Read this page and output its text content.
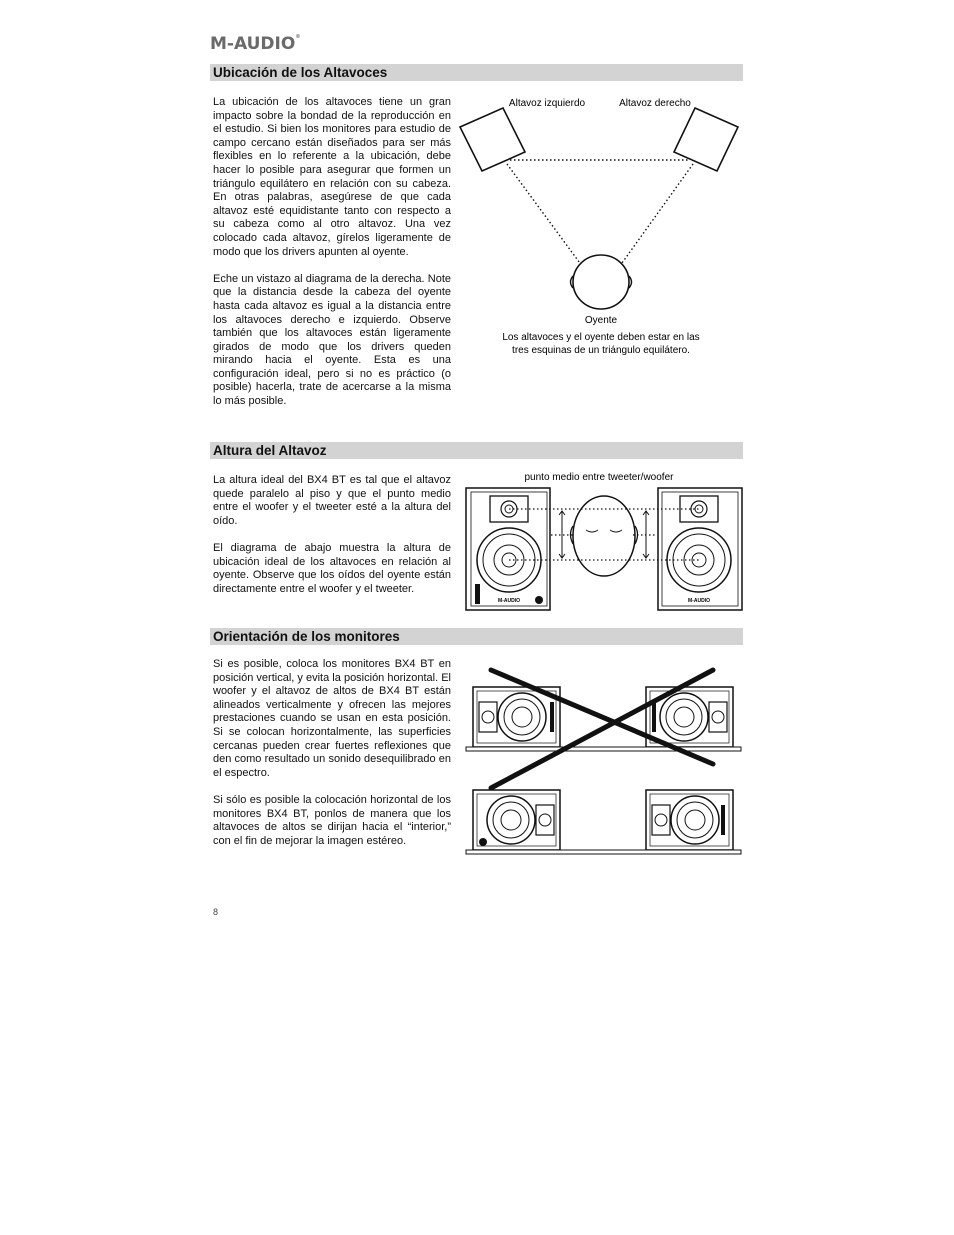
M-AUDIO®
Ubicación de los Altavoces

La ubicación de los altavoces tiene un gran impacto sobre la bondad de la reproducción en el estudio. Si bien los monitores para estudio de campo cercano están diseñados para ser más flexibles en lo referente a la ubicación, debe hacer lo posible para asegurar que formen un triángulo equilátero en relación con su cabeza. En otras palabras, asegúrese de que cada altavoz esté equidistante tanto con respecto a su cabeza como al otro altavoz. Una vez colocado cada altavoz, gírelos ligeramente de modo que los drivers apunten al oyente.

Eche un vistazo al diagrama de la derecha. Note que la distancia desde la cabeza del oyente hasta cada altavoz es igual a la distancia entre los altavoces derecho e izquierdo. Observe también que los altavoces están ligeramente girados de modo que los drivers queden mirando hacia el oyente. Esta es una configuración ideal, pero si no es práctico (o posible) hacerla, trate de acercarse a la misma lo más posible.

Altavoz izquierdo	Altavoz derecho
Oyente
Los altavoces y el oyente deben estar en las
tres esquinas de un triángulo equilátero.
Altura del Altavoz

La altura ideal del BX4 BT es tal que el altavoz quede paralelo al piso y que el punto medio entre el woofer y el tweeter esté a la altura del oído.

El diagrama de abajo muestra la altura de ubicación ideal de los altavoces en relación al oyente. Observe que los oídos del oyente están directamente entre el woofer y el tweeter.

punto medio entre tweeter/woofer
M-AUDIO	M-AUDIO
Orientación de los monitores

Si es posible, coloca los monitores BX4 BT en posición vertical, y evita la posición horizontal. El woofer y el altavoz de altos de BX4 BT están alineados verticalmente y ofrecen las mejores prestaciones cuando se usan en esta posición. Si se colocan horizontalmente, las superficies cercanas pueden crear fuertes reflexiones que den como resultado un sonido desequilibrado en el espectro.

Si sólo es posible la colocación horizontal de los monitores BX4 BT, ponlos de manera que los altavoces de altos se dirijan hacia el “interior,” con el fin de mejorar la imagen estéreo.

8
